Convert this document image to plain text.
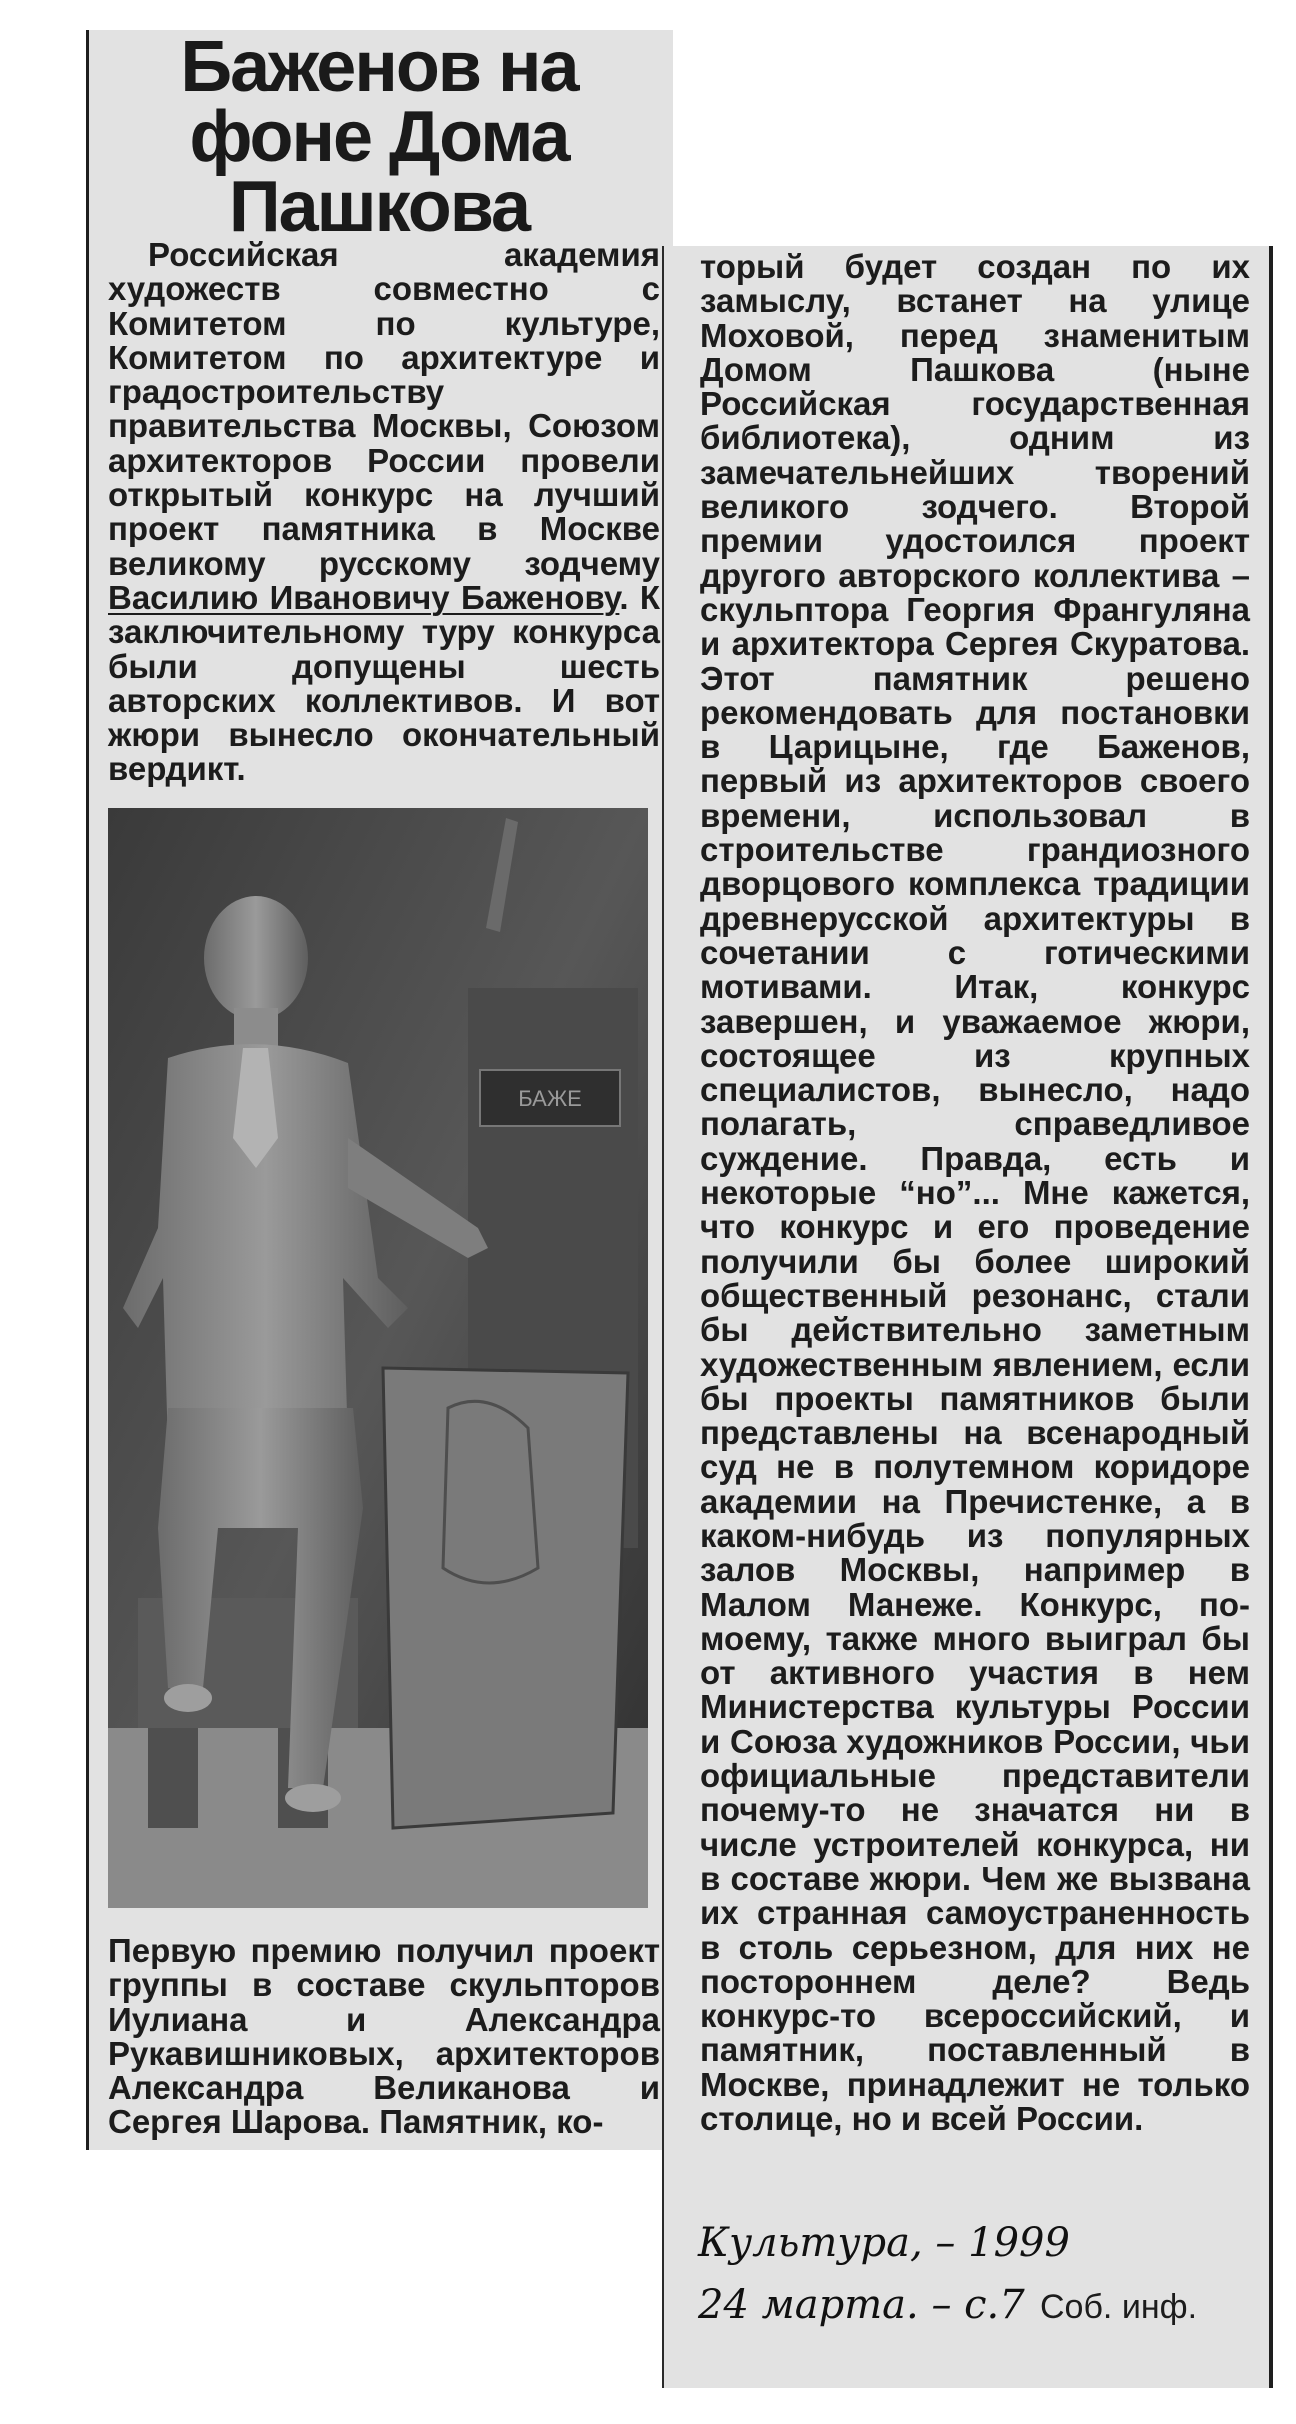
Баженов на фоне Дома Пашкова

Российская академия художеств совместно с Комитетом по культуре, Комитетом по архитектуре и градостроительству правительства Москвы, Союзом архитекторов России провели открытый конкурс на лучший проект памятника в Москве великому русскому зодчему Василию Ивановичу Баженову. К заключительному туру конкурса были допущены шесть авторских коллективов. И вот жюри вынесло окончательный вердикт.

БАЖЕ

Первую премию получил проект группы в составе скульпторов Иулиана и Александра Рукавишниковых, архитекторов Александра Великанова и Сергея Шарова. Памятник, ко-

торый будет создан по их замыслу, встанет на улице Моховой, перед знаменитым Домом Пашкова (ныне Российская государственная библиотека), одним из замечательнейших творений великого зодчего. Второй премии удостоился проект другого авторского коллектива – скульптора Георгия Франгуляна и архитектора Сергея Скуратова. Этот памятник решено рекомендовать для постановки в Царицыне, где Баженов, первый из архитекторов своего времени, использовал в строительстве грандиозного дворцового комплекса традиции древнерусской архитектуры в сочетании с готическими мотивами. Итак, конкурс завершен, и уважаемое жюри, состоящее из крупных специалистов, вынесло, надо полагать, справедливое суждение. Правда, есть и некоторые “но”... Мне кажется, что конкурс и его проведение получили бы более широкий общественный резонанс, стали бы действительно заметным художественным явлением, если бы проекты памятников были представлены на всенародный суд не в полутемном коридоре академии на Пречистенке, а в каком-нибудь из популярных залов Москвы, например в Малом Манеже. Конкурс, по-моему, также много выиграл бы от активного участия в нем Министерства культуры России и Союза художников России, чьи официальные представители почему-то не значатся ни в числе устроителей конкурса, ни в составе жюри. Чем же вызвана их странная самоустраненность в столь серьезном, для них не постороннем деле? Ведь конкурс-то всероссийский, и памятник, поставленный в Москве, принадлежит не только столице, но и всей России.

Культура, – 1999

24 марта. – с.7 Соб. инф.
